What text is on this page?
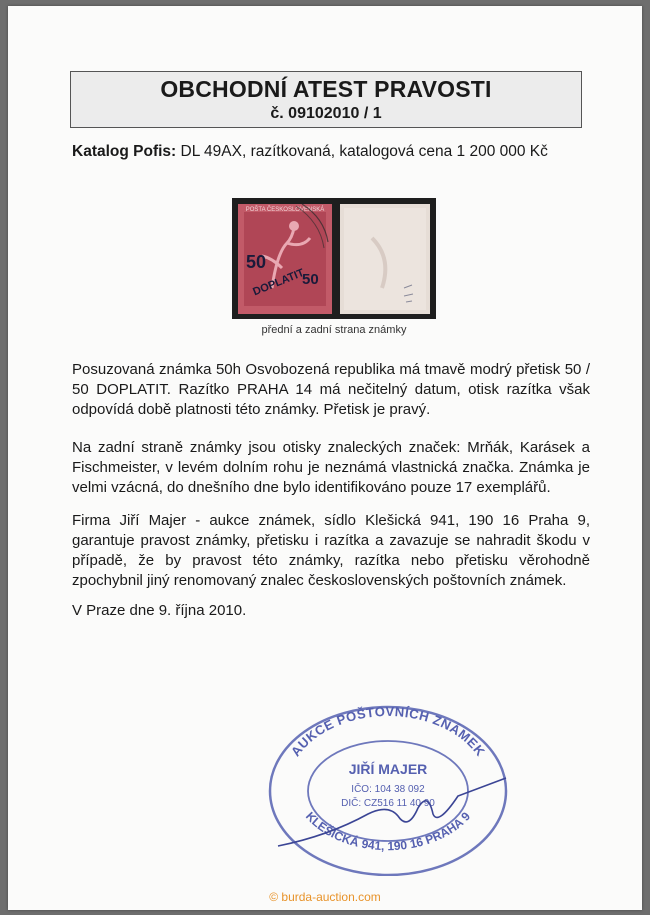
OBCHODNÍ ATEST PRAVOSTI
č. 09102010 / 1
Katalog Pofis: DL 49AX, razítkovaná, katalogová cena 1 200 000 Kč
POŠTA ČESKOSLOVENSKÁ
50
50
DOPLATIT
přední a zadní strana známky
Posuzovaná známka 50h Osvobozená republika má tmavě modrý přetisk 50 / 50 DOPLATIT. Razítko PRAHA 14 má nečitelný datum, otisk razítka však odpovídá době platnosti této známky. Přetisk je pravý.
Na zadní straně známky jsou otisky znaleckých značek: Mrňák, Karásek a Fischmeister, v levém dolním rohu je neznámá vlastnická značka. Známka je velmi vzácná, do dnešního dne bylo identifikováno pouze 17 exemplářů.
Firma Jiří Majer - aukce známek, sídlo Klešická 941, 190 16 Praha 9, garantuje pravost známky, přetisku i razítka a zavazuje se nahradit škodu v případě, že by pravost této známky, razítka nebo přetisku věrohodně zpochybnil jiný renomovaný znalec československých poštovních známek.
V Praze dne 9. října 2010.
AUKCE POŠTOVNÍCH ZNÁMEK
KLEŠICKÁ 941, 190 16 PRAHA 9
JIŘÍ MAJER
IČO: 104 38 092
DIČ: CZ516 11 40 90
© burda-auction.com
